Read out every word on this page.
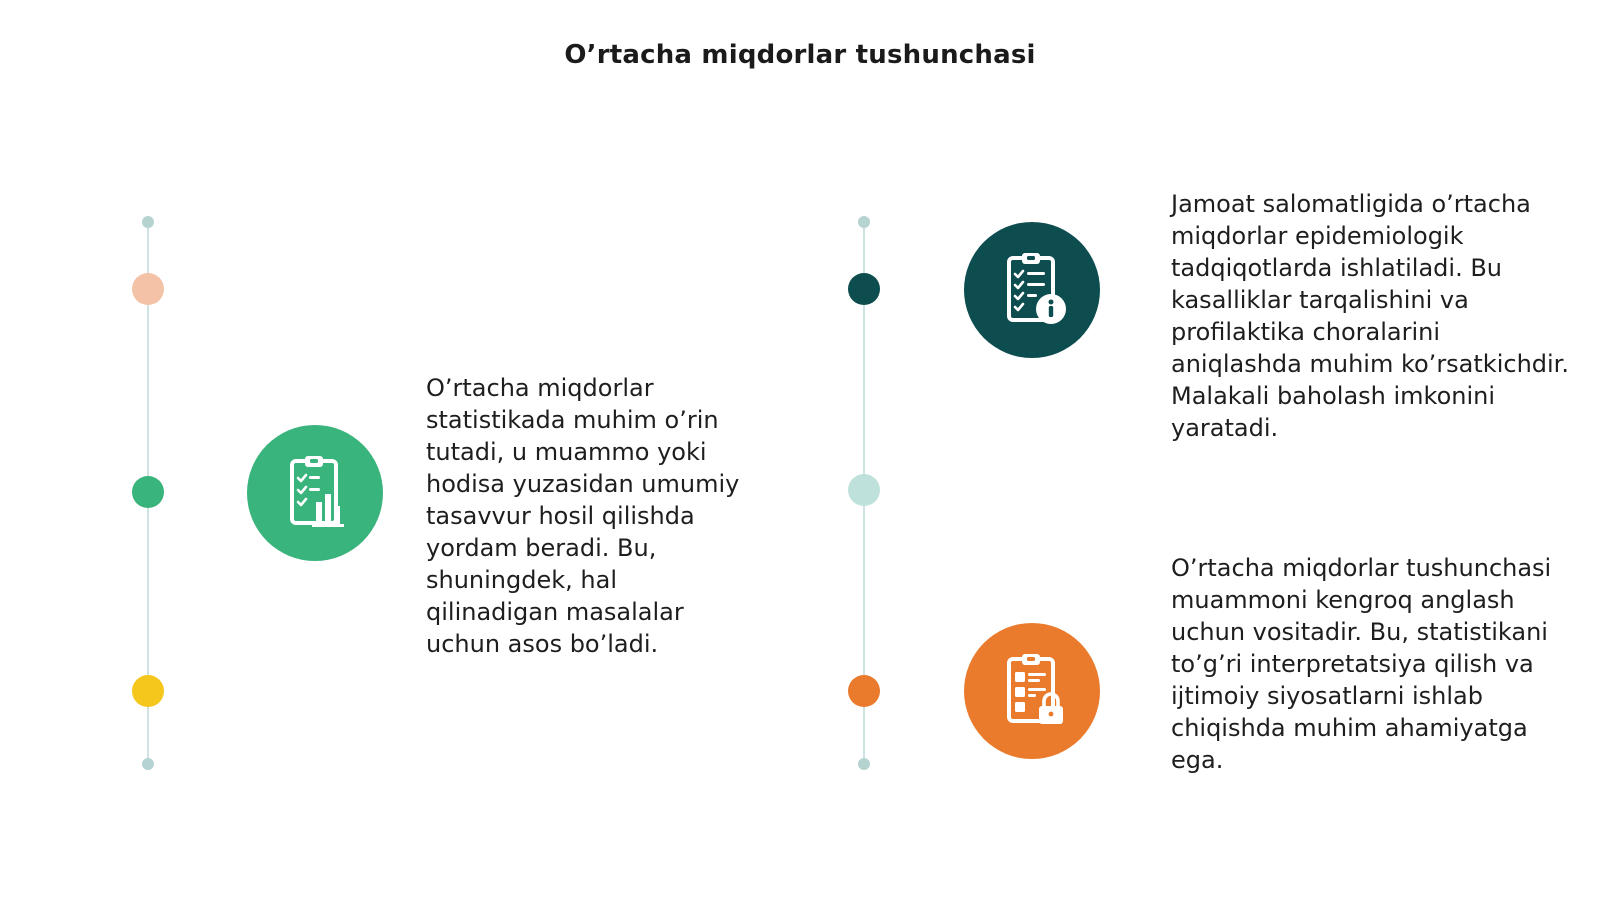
O’rtacha miqdorlar tushunchasi

O’rtacha miqdorlar statistikada muhim o’rin tutadi, u muammo yoki hodisa yuzasidan umumiy tasavvur hosil qilishda yordam beradi. Bu, shuningdek, hal qilinadigan masalalar uchun asos bo’ladi.

Jamoat salomatligida o’rtacha miqdorlar epidemiologik tadqiqotlarda ishlatiladi. Bu kasalliklar tarqalishini va profilaktika choralarini aniqlashda muhim ko’rsatkichdir. Malakali baholash imkonini yaratadi.

O’rtacha miqdorlar tushunchasi muammoni kengroq anglash uchun vositadir. Bu, statistikani to’g’ri interpretatsiya qilish va ijtimoiy siyosatlarni ishlab chiqishda muhim ahamiyatga ega.
